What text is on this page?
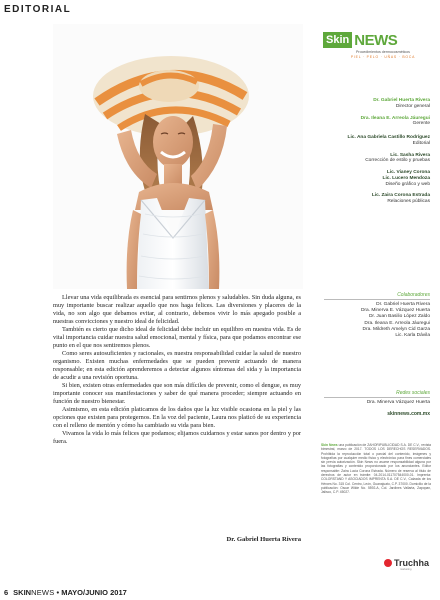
EDITORIAL

Llevar una vida equilibrada es esencial para sentirnos plenos y saludables. Sin duda alguna, es muy importante buscar realizar aquello que nos haga felices. Las diversiones y placeres de la vida, no son algo que debamos evitar, al contrario, debemos vivir lo más apegado posible a nuestras convicciones y nuestro ideal de felicidad.

También es cierto que dicho ideal de felicidad debe incluir un equilibro en nuestra vida. Es de vital importancia cuidar nuestra salud emocional, mental y física, para que podamos encontrar ese punto en el que nos sentiremos plenos.

Como seres autosuficientes y racionales, es nuestra responsabilidad cuidar la salud de nuestro organismo. Existen muchas enfermedades que se pueden prevenir actuando de manera responsable; en esta edición aprenderemos a detectar algunos síntomas del sida y la importancia de acudir a una revisión oportuna.

Si bien, existen otras enfermedades que son más difíciles de prevenir, como el dengue, es muy importante conocer sus manifestaciones y saber de qué manera proceder; siempre actuando en función de nuestro bienestar.

Asimismo, en esta edición platicamos de los daños que la luz visible ocasiona en la piel y las opciones que existen para protegernos. En la voz del paciente, Laura nos platicó de su experiencia con el relleno de mentón y cómo ha cambiado su vida para bien.

Vivamos la vida lo más felices que podamos; elijamos cuidarnos y estar sanos por dentro y por fuera.

Dr. Gabriel Huerta Rivera
Skin NEWS
Procedimientos dermocosméticos
PIEL · PELO · UÑAS · BOCA
Dr. Gabriel Huerta Rivera
Director general
Dra. Ileana E. Arreola Jáuregui
Gerente
Lic. Ana Gabriela Castillo Rodríguez
Editorial
Lic. Sasha Rivera
Corrección de estilo y pruebas
Lic. Vianey Corona
Lic. Lucero Mendoza
Diseño gráfico y web
Lic. Zaira Corona Estrada
Relaciones públicas
Colaboradores
Dr. Gabriel Huerta Rivera
Dra. Minerva E. Vázquez Huerta
Dr. Juan Basilio López Zaldo
Dra. Ileana E. Arreola Jáuregui
Dra. Mildreth Amelyn Cid Garza
Lic. Karla Dávila
Redes sociales
Dra. Minerva Vázquez Huerta
skinnews.com.mx
Skin News una publicación de ZAHORIPUBLICIDAD S.A. DE C.V., revista bimestral, marzo de 2017. TODOS LOS DERECHOS RESERVADOS. Prohibida la reproducción total o parcial del contenido, imágenes y fotografías por cualquier medio físico y electrónico para fines comerciales sin previa autorización. Skin News no asume responsabilidad alguna por las fotografías y contenido proporcionado por los anunciantes. Editor responsable: Zaira Lucía Corona Estrada. Número de reserva al título de derechos de autor en trámite: 04-2014-011707544000-01. Imprenta: COLORSTAND Y ASOCIADOS IMPRENTA S.A. DE C.V., Calzada de los Héroes No. 315 Col. Centro, León, Guanajuato, C.P. 37000. Domicilio de la publicación: Oscar Wilde No. 5592-A, Col. Jardines Vallarta, Zapopan, Jalisco, C.P. 45027.
Truchha
marketing
6 SKINNEWS • MAYO/JUNIO 2017
